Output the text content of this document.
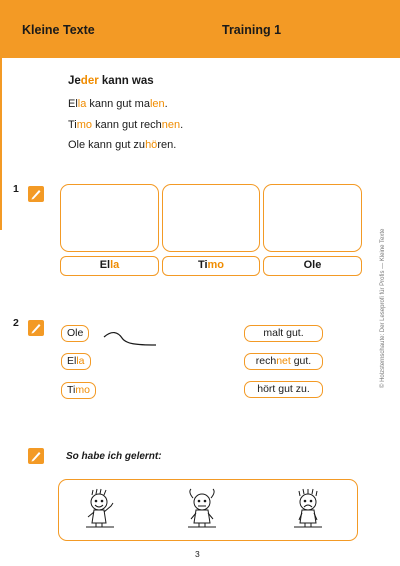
Kleine Texte	Training 1
Jeder kann was
Ella kann gut malen.
Timo kann gut rechnen.
Ole kann gut zuhören.
1
Ella	Timo	Ole
2
Ole
Ella
Timo
malt gut.
rechnet gut.
hört gut zu.
So habe ich gelernt:
3
© Holzsternschaute: Der Leseprofi für Profis — Kleine Texte
